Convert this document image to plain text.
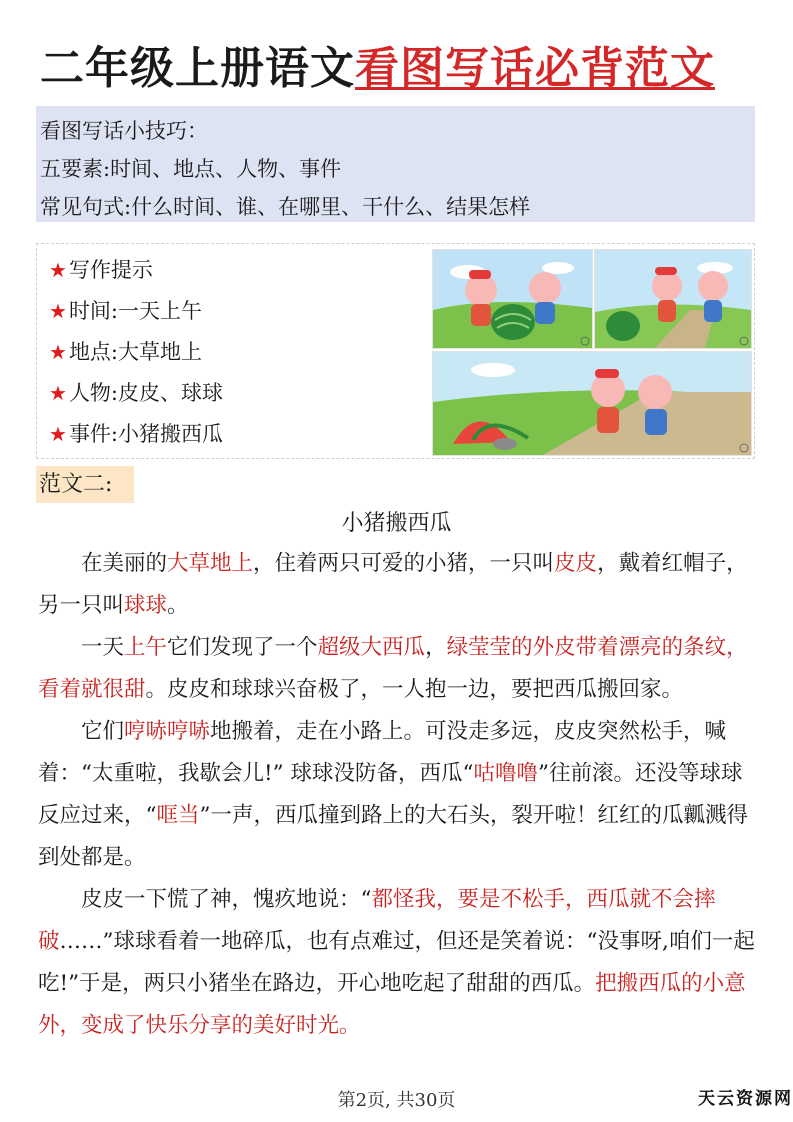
二年级上册语文看图写话必背范文
看图写话小技巧：
五要素:时间、地点、人物、事件
常见句式:什么时间、谁、在哪里、干什么、结果怎样
★写作提示
★时间:一天上午
★地点:大草地上
★人物:皮皮、球球
★事件:小猪搬西瓜
范文二:
小猪搬西瓜

在美丽的大草地上，住着两只可爱的小猪，一只叫皮皮，戴着红帽子，另一只叫球球。

一天上午它们发现了一个超级大西瓜，绿莹莹的外皮带着漂亮的条纹，看着就很甜。皮皮和球球兴奋极了，一人抱一边，要把西瓜搬回家。

它们哼哧哼哧地搬着，走在小路上。可没走多远，皮皮突然松手，喊着：“太重啦，我歇会儿!” 球球没防备，西瓜“咕噜噜”往前滚。还没等球球反应过来，“哐当”一声，西瓜撞到路上的大石头，裂开啦！红红的瓜瓤溅得到处都是。

皮皮一下慌了神，愧疚地说：“都怪我，要是不松手，西瓜就不会摔破……”球球看着一地碎瓜，也有点难过，但还是笑着说：“没事呀,咱们一起吃!”于是，两只小猪坐在路边，开心地吃起了甜甜的西瓜。把搬西瓜的小意外，变成了快乐分享的美好时光。

第2页, 共30页	天云资源网
